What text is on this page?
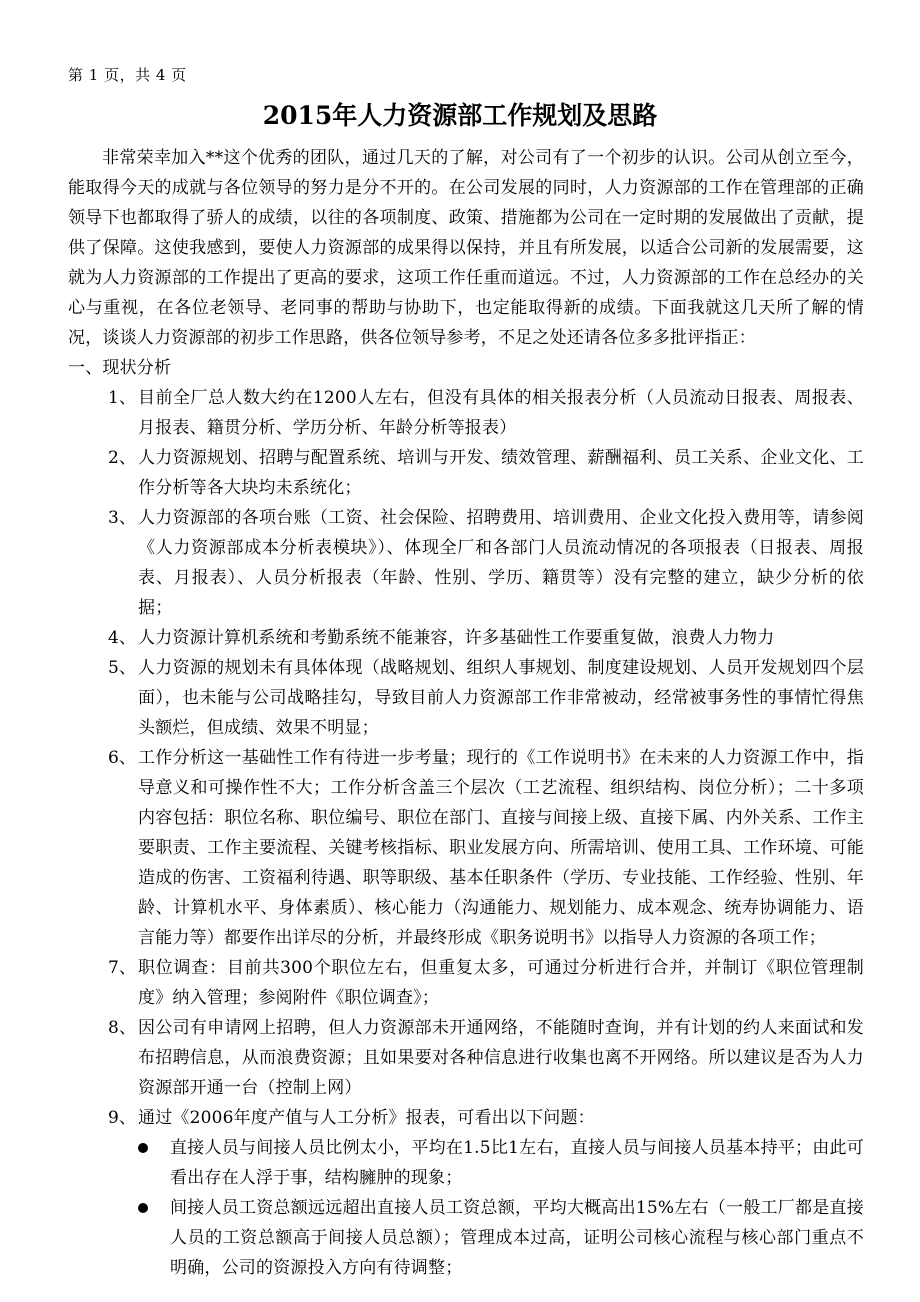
第 1 页，共 4 页
2015年人力资源部工作规划及思路

非常荣幸加入**这个优秀的团队，通过几天的了解，对公司有了一个初步的认识。公司从创立至今，能取得今天的成就与各位领导的努力是分不开的。在公司发展的同时，人力资源部的工作在管理部的正确领导下也都取得了骄人的成绩，以往的各项制度、政策、措施都为公司在一定时期的发展做出了贡献，提供了保障。这使我感到，要使人力资源部的成果得以保持，并且有所发展，以适合公司新的发展需要，这就为人力资源部的工作提出了更高的要求，这项工作任重而道远。不过，人力资源部的工作在总经办的关心与重视，在各位老领导、老同事的帮助与协助下，也定能取得新的成绩。下面我就这几天所了解的情况，谈谈人力资源部的初步工作思路，供各位领导参考，不足之处还请各位多多批评指正：

一、现状分析
1、 目前全厂总人数大约在1200人左右，但没有具体的相关报表分析（人员流动日报表、周报表、月报表、籍贯分析、学历分析、年龄分析等报表）
2、 人力资源规划、招聘与配置系统、培训与开发、绩效管理、薪酬福利、员工关系、企业文化、工作分析等各大块均未系统化；
3、 人力资源部的各项台账（工资、社会保险、招聘费用、培训费用、企业文化投入费用等，请参阅《人力资源部成本分析表模块》）、体现全厂和各部门人员流动情况的各项报表（日报表、周报表、月报表）、人员分析报表（年龄、性别、学历、籍贯等）没有完整的建立，缺少分析的依据；
4、 人力资源计算机系统和考勤系统不能兼容，许多基础性工作要重复做，浪费人力物力
5、 人力资源的规划未有具体体现（战略规划、组织人事规划、制度建设规划、人员开发规划四个层面），也未能与公司战略挂勾，导致目前人力资源部工作非常被动，经常被事务性的事情忙得焦头额烂，但成绩、效果不明显；
6、 工作分析这一基础性工作有待进一步考量；现行的《工作说明书》在未来的人力资源工作中，指导意义和可操作性不大；工作分析含盖三个层次（工艺流程、组织结构、岗位分析）；二十多项内容包括：职位名称、职位编号、职位在部门、直接与间接上级、直接下属、内外关系、工作主要职责、工作主要流程、关键考核指标、职业发展方向、所需培训、使用工具、工作环境、可能造成的伤害、工资福利待遇、职等职级、基本任职条件（学历、专业技能、工作经验、性别、年龄、计算机水平、身体素质）、核心能力（沟通能力、规划能力、成本观念、统寿协调能力、语言能力等）都要作出详尽的分析，并最终形成《职务说明书》以指导人力资源的各项工作；
7、 职位调查：目前共300个职位左右，但重复太多，可通过分析进行合并，并制订《职位管理制度》纳入管理；参阅附件《职位调查》；
8、 因公司有申请网上招聘，但人力资源部未开通网络，不能随时查询，并有计划的约人来面试和发布招聘信息，从而浪费资源；且如果要对各种信息进行收集也离不开网络。所以建议是否为人力资源部开通一台（控制上网）
9、 通过《2006年度产值与人工分析》报表，可看出以下问题：
直接人员与间接人员比例太小，平均在1.5比1左右，直接人员与间接人员基本持平；由此可看出存在人浮于事，结构臃肿的现象；
间接人员工资总额远远超出直接人员工资总额，平均大概高出15%左右（一般工厂都是直接人员的工资总额高于间接人员总额）；管理成本过高，证明公司核心流程与核心部门重点不明确，公司的资源投入方向有待调整；
